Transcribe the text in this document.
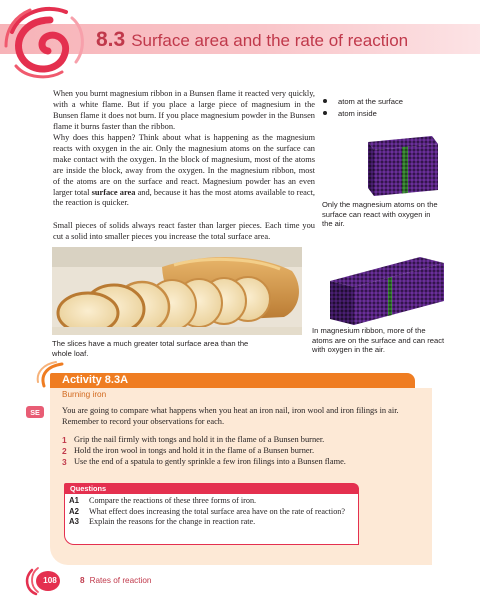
8.3 Surface area and the rate of reaction

When you burnt magnesium ribbon in a Bunsen flame it reacted very quickly, with a white flame. But if you place a large piece of magnesium in the Bunsen flame it does not burn. If you place magnesium powder in the Bunsen flame it burns faster than the ribbon.

Why does this happen? Think about what is happening as the magnesium reacts with oxygen in the air. Only the magnesium atoms on the surface can make contact with the oxygen. In the block of magnesium, most of the atoms are inside the block, away from the oxygen. In the magnesium ribbon, most of the atoms are on the surface and react. Magnesium powder has an even larger total surface area and, because it has the most atoms available to react, the reaction is quicker.

Small pieces of solids always react faster than larger pieces. Each time you cut a solid into smaller pieces you increase the total surface area.

atom at the surface
atom inside

Only the magnesium atoms on the surface can react with oxygen in the air.

In magnesium ribbon, more of the atoms are on the surface and can react with oxygen in the air.

The slices have a much greater total surface area than the whole loaf.

Activity 8.3A
Burning iron
SE	You are going to compare what happens when you heat an iron nail, iron wool and iron filings in air. Remember to record your observations for each.

1 Grip the nail firmly with tongs and hold it in the flame of a Bunsen burner.
2 Hold the iron wool in tongs and hold it in the flame of a Bunsen burner.
3 Use the end of a spatula to gently sprinkle a few iron filings into a Bunsen flame.
Questions
A1	Compare the reactions of these three forms of iron.
A2	What effect does increasing the total surface area have on the rate of reaction?
A3	Explain the reasons for the change in reaction rate.
108	8 Rates of reaction
